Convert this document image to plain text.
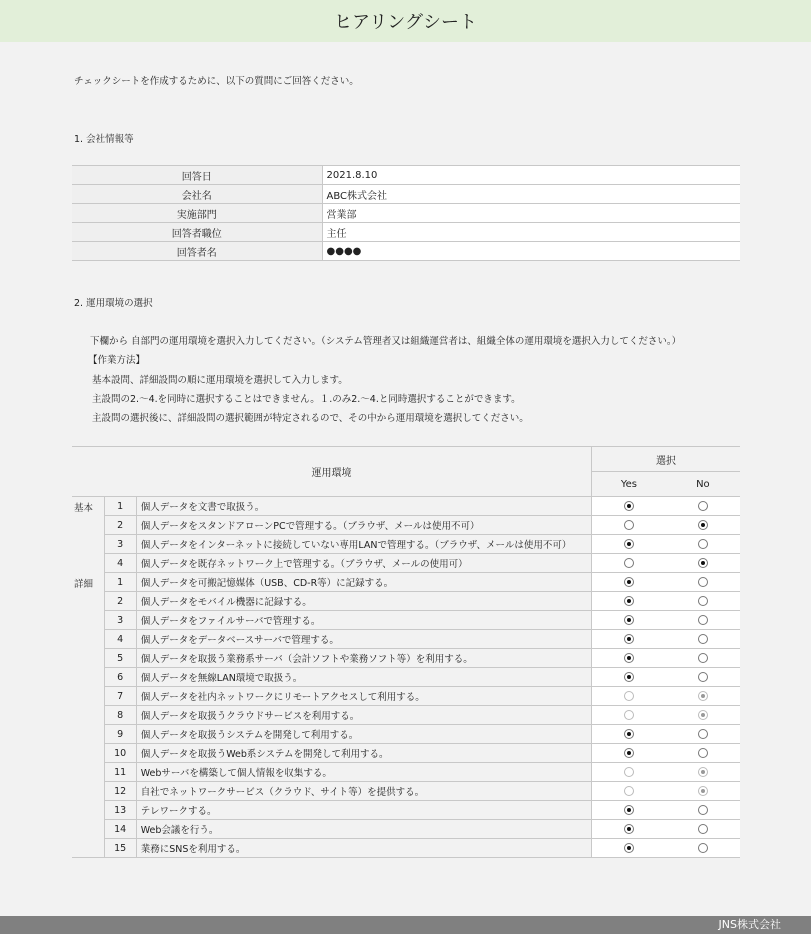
ヒアリングシート
チェックシートを作成するために、以下の質問にご回答ください。
1. 会社情報等
回答日	2021.8.10
会社名	ABC株式会社
実施部門	営業部
回答者職位	主任
回答者名	●●●●
2. 運用環境の選択
下欄から 自部門の運用環境を選択入力してください。（システム管理者又は組織運営者は、組織全体の運用環境を選択入力してください。）
【作業方法】
基本設問、詳細設問の順に運用環境を選択して入力します。
主設問の2.〜4.を同時に選択することはできません。１.のみ2.〜4.と同時選択することができます。
主設問の選択後に、詳細設問の選択範囲が特定されるので、その中から運用環境を選択してください。
運用環境			選択	
			Yes	No
基本	1	個人データを文書で取扱う。		
	2	個人データをスタンドアローンPCで管理する。（ブラウザ、メールは使用不可）		
	3	個人データをインターネットに接続していない専用LANで管理する。（ブラウザ、メールは使用不可）		
	4	個人データを既存ネットワーク上で管理する。（ブラウザ、メールの使用可）		
詳細	1	個人データを可搬記憶媒体（USB、CD-R等）に記録する。		
	2	個人データをモバイル機器に記録する。		
	3	個人データをファイルサーバで管理する。		
	4	個人データをデータベースサーバで管理する。		
	5	個人データを取扱う業務系サーバ（会計ソフトや業務ソフト等）を利用する。		
	6	個人データを無線LAN環境で取扱う。		
	7	個人データを社内ネットワークにリモートアクセスして利用する。		
	8	個人データを取扱うクラウドサービスを利用する。		
	9	個人データを取扱うシステムを開発して利用する。		
	10	個人データを取扱うWeb系システムを開発して利用する。		
	11	Webサーバを構築して個人情報を収集する。		
	12	自社でネットワークサービス（クラウド、サイト等）を提供する。		
	13	テレワークする。		
	14	Web会議を行う。		
	15	業務にSNSを利用する。		
JNS株式会社
